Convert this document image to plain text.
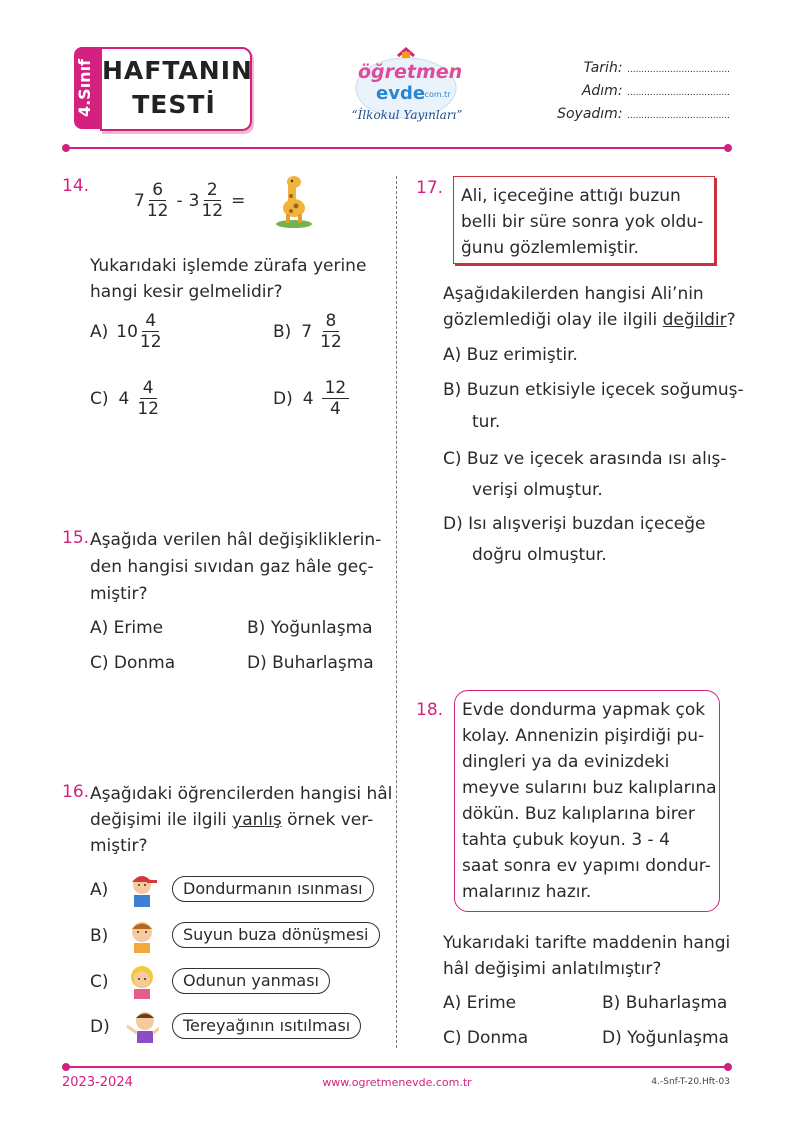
4.Sınıf HAFTANIN
TESTİ
öğretmen
evde
.com.tr
“İlkokul Yayınları”
Tarih: ....................................
Adım: ....................................
Soyadım: ....................................
14.
$7 \frac{6}{12} - 3 \frac{2}{12}$ =
Yukarıdaki işlemde zürafa yerine
hangi kesir gelmelidir?
A) $10 \frac{4}{12}$	B) $7 \frac{8}{12}$
C) $4 \frac{4}{12}$	D) $4 \frac{12}{4}$
15. Aşağıda verilen hâl değişikliklerin-
den hangisi sıvıdan gaz hâle geç-
miştir?
A) Erime	B) Yoğunlaşma
C) Donma	D) Buharlaşma
16. Aşağıdaki öğrencilerden hangisi hâl
değişimi ile ilgili yanlış örnek ver-
miştir?
A)	Dondurmanın ısınması
B)	Suyun buza dönüşmesi
C)	Odunun yanması
D)	Tereyağının ısıtılması
17. Ali, içeceğine attığı buzun
belli bir süre sonra yok oldu-
ğunu gözlemlemiştir.
Aşağıdakilerden hangisi Ali’nin
gözlemlediği olay ile ilgili değildir?
A) Buz erimiştir.
B) Buzun etkisiyle içecek soğumuş-
tur.
C) Buz ve içecek arasında ısı alış-
verişi olmuştur.
D) Isı alışverişi buzdan içeceğe
doğru olmuştur.
18. Evde dondurma yapmak çok
kolay. Annenizin pişirdiği pu-
dingleri ya da evinizdeki
meyve sularını buz kalıplarına
dökün. Buz kalıplarına birer
tahta çubuk koyun. 3 - 4
saat sonra ev yapımı dondur-
malarınız hazır.
Yukarıdaki tarifte maddenin hangi
hâl değişimi anlatılmıştır?
A) Erime	B) Buharlaşma
C) Donma	D) Yoğunlaşma
2023-2024	www.ogretmenevde.com.tr	4.-Snf-T-20.Hft-03
